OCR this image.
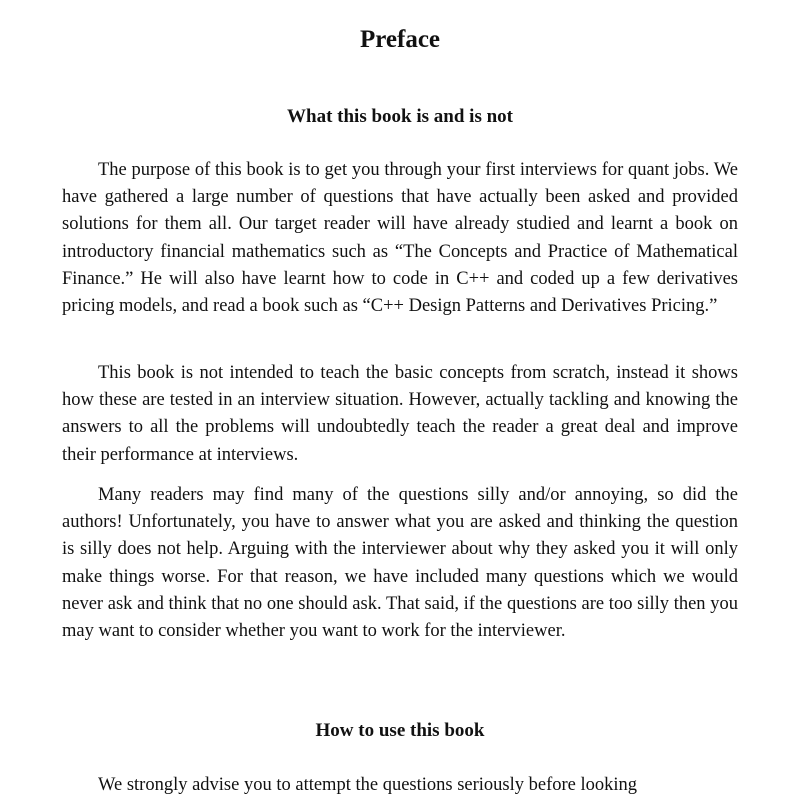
Preface
What this book is and is not

The purpose of this book is to get you through your first interviews for quant jobs. We have gathered a large number of questions that have actually been asked and provided solutions for them all. Our target reader will have already studied and learnt a book on introductory financial mathematics such as “The Concepts and Practice of Mathematical Finance.” He will also have learnt how to code in C++ and coded up a few derivatives pricing models, and read a book such as “C++ Design Patterns and Derivatives Pricing.”

This book is not intended to teach the basic concepts from scratch, instead it shows how these are tested in an interview situation. However, actually tackling and knowing the answers to all the problems will undoubtedly teach the reader a great deal and improve their performance at interviews.

Many readers may find many of the questions silly and/or annoying, so did the authors! Unfortunately, you have to answer what you are asked and thinking the question is silly does not help. Arguing with the interviewer about why they asked you it will only make things worse. For that reason, we have included many questions which we would never ask and think that no one should ask. That said, if the questions are too silly then you may want to consider whether you want to work for the interviewer.

How to use this book

We strongly advise you to attempt the questions seriously before looking
